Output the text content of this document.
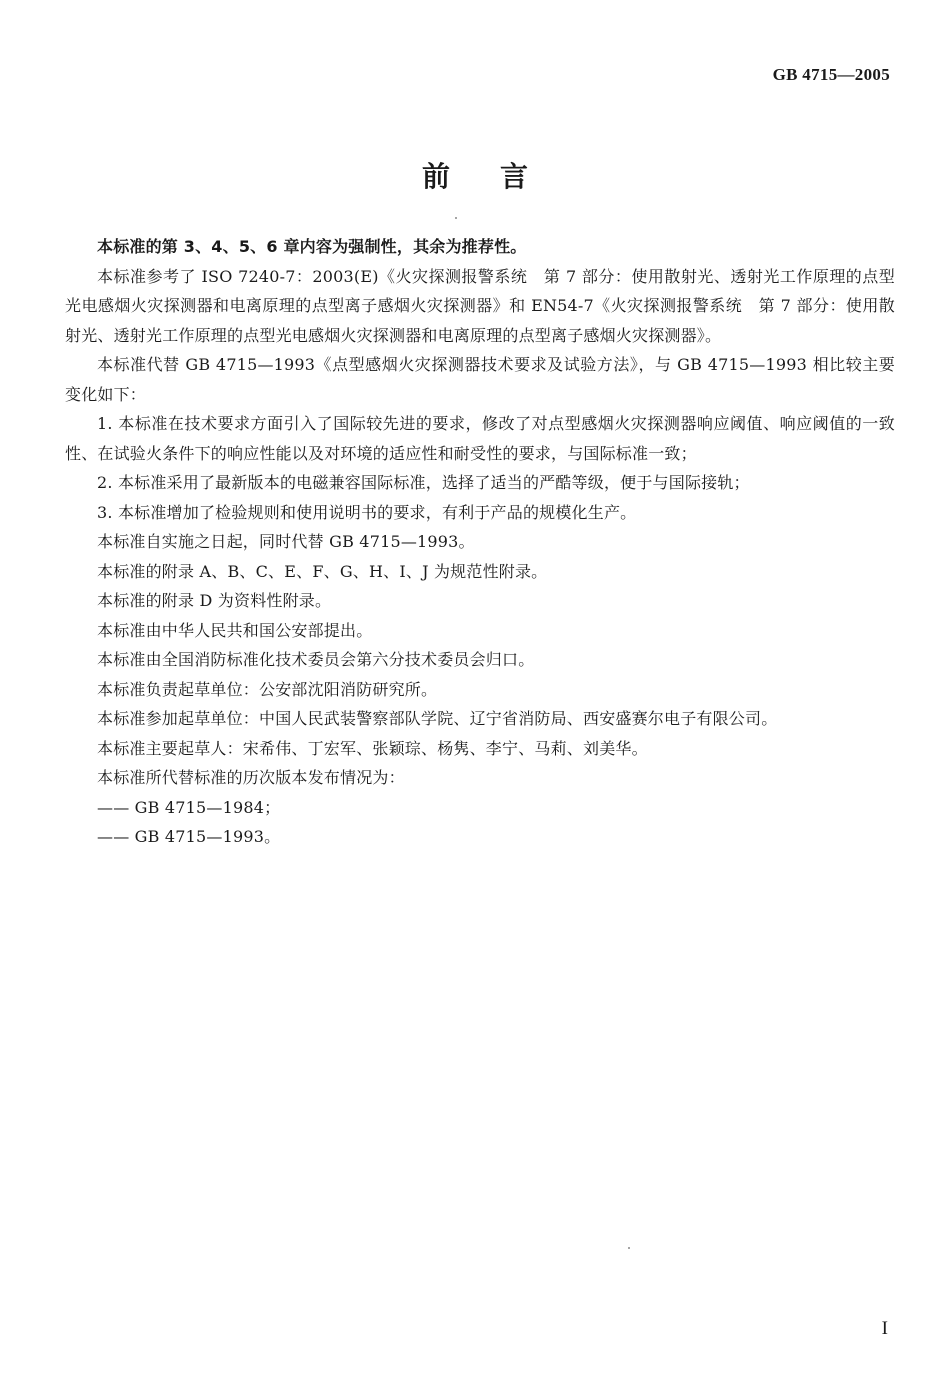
GB 4715—2005
前 言

本标准的第 3、4、5、6 章内容为强制性，其余为推荐性。

本标准参考了 ISO 7240-7：2003(E)《火灾探测报警系统　第 7 部分：使用散射光、透射光工作原理的点型光电感烟火灾探测器和电离原理的点型离子感烟火灾探测器》和 EN54-7《火灾探测报警系统　第 7 部分：使用散射光、透射光工作原理的点型光电感烟火灾探测器和电离原理的点型离子感烟火灾探测器》。

本标准代替 GB 4715—1993《点型感烟火灾探测器技术要求及试验方法》，与 GB 4715—1993 相比较主要变化如下：

1. 本标准在技术要求方面引入了国际较先进的要求，修改了对点型感烟火灾探测器响应阈值、响应阈值的一致性、在试验火条件下的响应性能以及对环境的适应性和耐受性的要求，与国际标准一致；

2. 本标准采用了最新版本的电磁兼容国际标准，选择了适当的严酷等级，便于与国际接轨；

3. 本标准增加了检验规则和使用说明书的要求，有利于产品的规模化生产。

本标准自实施之日起，同时代替 GB 4715—1993。

本标准的附录 A、B、C、E、F、G、H、I、J 为规范性附录。

本标准的附录 D 为资料性附录。

本标准由中华人民共和国公安部提出。

本标准由全国消防标准化技术委员会第六分技术委员会归口。

本标准负责起草单位：公安部沈阳消防研究所。

本标准参加起草单位：中国人民武装警察部队学院、辽宁省消防局、西安盛赛尔电子有限公司。

本标准主要起草人：宋希伟、丁宏军、张颖琮、杨隽、李宁、马莉、刘美华。

本标准所代替标准的历次版本发布情况为：

—— GB 4715—1984；

—— GB 4715—1993。

I
